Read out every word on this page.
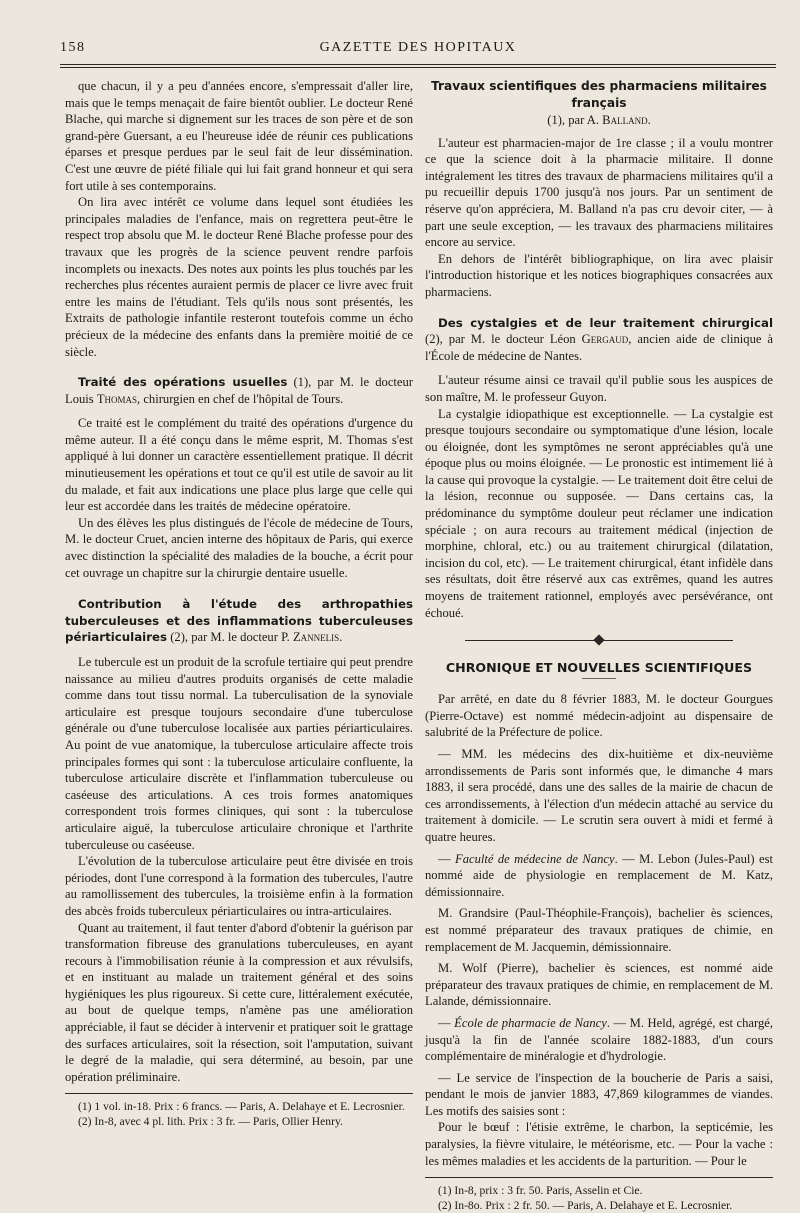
158	GAZETTE DES HOPITAUX

que chacun, il y a peu d'années encore, s'empressait d'aller lire, mais que le temps menaçait de faire bientôt oublier. Le docteur René Blache, qui marche si dignement sur les traces de son père et de son grand-père Guersant, a eu l'heureuse idée de réunir ces publications éparses et presque perdues par le seul fait de leur dissémination. C'est une œuvre de piété filiale qui lui fait grand honneur et qui sera fort utile à ses contemporains.

On lira avec intérêt ce volume dans lequel sont étudiées les principales maladies de l'enfance, mais on regrettera peut-être le respect trop absolu que M. le docteur René Blache professe pour des travaux que les progrès de la science peuvent rendre parfois incomplets ou inexacts. Des notes aux points les plus touchés par les recherches plus récentes auraient permis de placer ce livre avec fruit entre les mains de l'étudiant. Tels qu'ils nous sont présentés, les Extraits de pathologie infantile resteront toutefois comme un écho précieux de la médecine des enfants dans la première moitié de ce siècle.

Traité des opérations usuelles (1), par M. le docteur Louis Thomas, chirurgien en chef de l'hôpital de Tours.

Ce traité est le complément du traité des opérations d'urgence du même auteur. Il a été conçu dans le même esprit, M. Thomas s'est appliqué à lui donner un caractère essentiellement pratique. Il décrit minutieusement les opérations et tout ce qu'il est utile de savoir au lit du malade, et fait aux indications une place plus large que celle qui leur est accordée dans les traités de médecine opératoire.

Un des élèves les plus distingués de l'école de médecine de Tours, M. le docteur Cruet, ancien interne des hôpitaux de Paris, qui exerce avec distinction la spécialité des maladies de la bouche, a écrit pour cet ouvrage un chapitre sur la chirurgie dentaire usuelle.

Contribution à l'étude des arthropathies tuberculeuses et des inflammations tuberculeuses périarticulaires (2), par M. le docteur P. Zannelis.

Le tubercule est un produit de la scrofule tertiaire qui peut prendre naissance au milieu d'autres produits organisés de cette maladie comme dans tout tissu normal. La tuberculisation de la synoviale articulaire est presque toujours secondaire d'une tuberculose générale ou d'une tuberculose localisée aux parties périarticulaires. Au point de vue anatomique, la tuberculose articulaire affecte trois principales formes qui sont : la tuberculose articulaire confluente, la tuberculose articulaire discrète et l'inflammation tuberculeuse ou caséeuse des articulations. A ces trois formes anatomiques correspondent trois formes cliniques, qui sont : la tuberculose articulaire aiguë, la tuberculose articulaire chronique et l'arthrite tuberculeuse ou caséeuse.

L'évolution de la tuberculose articulaire peut être divisée en trois périodes, dont l'une correspond à la formation des tubercules, l'autre au ramollissement des tubercules, la troisième enfin à la formation des abcès froids tuberculeux périarticulaires ou intra-articulaires.

Quant au traitement, il faut tenter d'abord d'obtenir la guérison par transformation fibreuse des granulations tuberculeuses, en ayant recours à l'immobilisation réunie à la compression et aux révulsifs, et en instituant au malade un traitement général et des soins hygiéniques les plus rigoureux. Si cette cure, littéralement exécutée, au bout de quelque temps, n'amène pas une amélioration appréciable, il faut se décider à intervenir et pratiquer soit le grattage des surfaces articulaires, soit la résection, soit l'amputation, suivant le degré de la maladie, qui sera déterminé, au besoin, par une opération préliminaire.

(1) 1 vol. in-18. Prix : 6 francs. — Paris, A. Delahaye et E. Lecrosnier.

(2) In-8, avec 4 pl. lith. Prix : 3 fr. — Paris, Ollier Henry.

Travaux scientifiques des pharmaciens militaires français
(1), par A. Balland.

L'auteur est pharmacien-major de 1re classe ; il a voulu montrer ce que la science doit à la pharmacie militaire. Il donne intégralement les titres des travaux de pharmaciens militaires qu'il a pu recueillir depuis 1700 jusqu'à nos jours. Par un sentiment de réserve qu'on appréciera, M. Balland n'a pas cru devoir citer, — à part une seule exception, — les travaux des pharmaciens militaires encore au service.

En dehors de l'intérêt bibliographique, on lira avec plaisir l'introduction historique et les notices biographiques consacrées aux pharmaciens.

Des cystalgies et de leur traitement chirurgical (2), par M. le docteur Léon Gergaud, ancien aide de clinique à l'École de médecine de Nantes.

L'auteur résume ainsi ce travail qu'il publie sous les auspices de son maître, M. le professeur Guyon.

La cystalgie idiopathique est exceptionnelle. — La cystalgie est presque toujours secondaire ou symptomatique d'une lésion, locale ou éloignée, dont les symptômes ne seront appréciables qu'à une époque plus ou moins éloignée. — Le pronostic est intimement lié à la cause qui provoque la cystalgie. — Le traitement doit être celui de la lésion, reconnue ou supposée. — Dans certains cas, la prédominance du symptôme douleur peut réclamer une indication spéciale ; on aura recours au traitement médical (injection de morphine, chloral, etc.) ou au traitement chirurgical (dilatation, incision du col, etc). — Le traitement chirurgical, étant infidèle dans ses résultats, doit être réservé aux cas extrêmes, quand les autres moyens de traitement rationnel, employés avec persévérance, ont échoué.

CHRONIQUE ET NOUVELLES SCIENTIFIQUES

Par arrêté, en date du 8 février 1883, M. le docteur Gourgues (Pierre-Octave) est nommé médecin-adjoint au dispensaire de salubrité de la Préfecture de police.

— MM. les médecins des dix-huitième et dix-neuvième arrondissements de Paris sont informés que, le dimanche 4 mars 1883, il sera procédé, dans une des salles de la mairie de chacun de ces arrondissements, à l'élection d'un médecin attaché au service du traitement à domicile. — Le scrutin sera ouvert à midi et fermé à quatre heures.

— Faculté de médecine de Nancy. — M. Lebon (Jules-Paul) est nommé aide de physiologie en remplacement de M. Katz, démissionnaire.

M. Grandsire (Paul-Théophile-François), bachelier ès sciences, est nommé préparateur des travaux pratiques de chimie, en remplacement de M. Jacquemin, démissionnaire.

M. Wolf (Pierre), bachelier ès sciences, est nommé aide préparateur des travaux pratiques de chimie, en remplacement de M. Lalande, démissionnaire.

— École de pharmacie de Nancy. — M. Held, agrégé, est chargé, jusqu'à la fin de l'année scolaire 1882-1883, d'un cours complémentaire de minéralogie et d'hydrologie.

— Le service de l'inspection de la boucherie de Paris a saisi, pendant le mois de janvier 1883, 47,869 kilogrammes de viandes. Les motifs des saisies sont :

Pour le bœuf : l'étisie extrême, le charbon, la septicémie, les paralysies, la fièvre vitulaire, le météorisme, etc. — Pour la vache : les mêmes maladies et les accidents de la parturition. — Pour le

(1) In-8, prix : 3 fr. 50. Paris, Asselin et Cie.

(2) In-8o. Prix : 2 fr. 50. — Paris, A. Delahaye et E. Lecrosnier.
